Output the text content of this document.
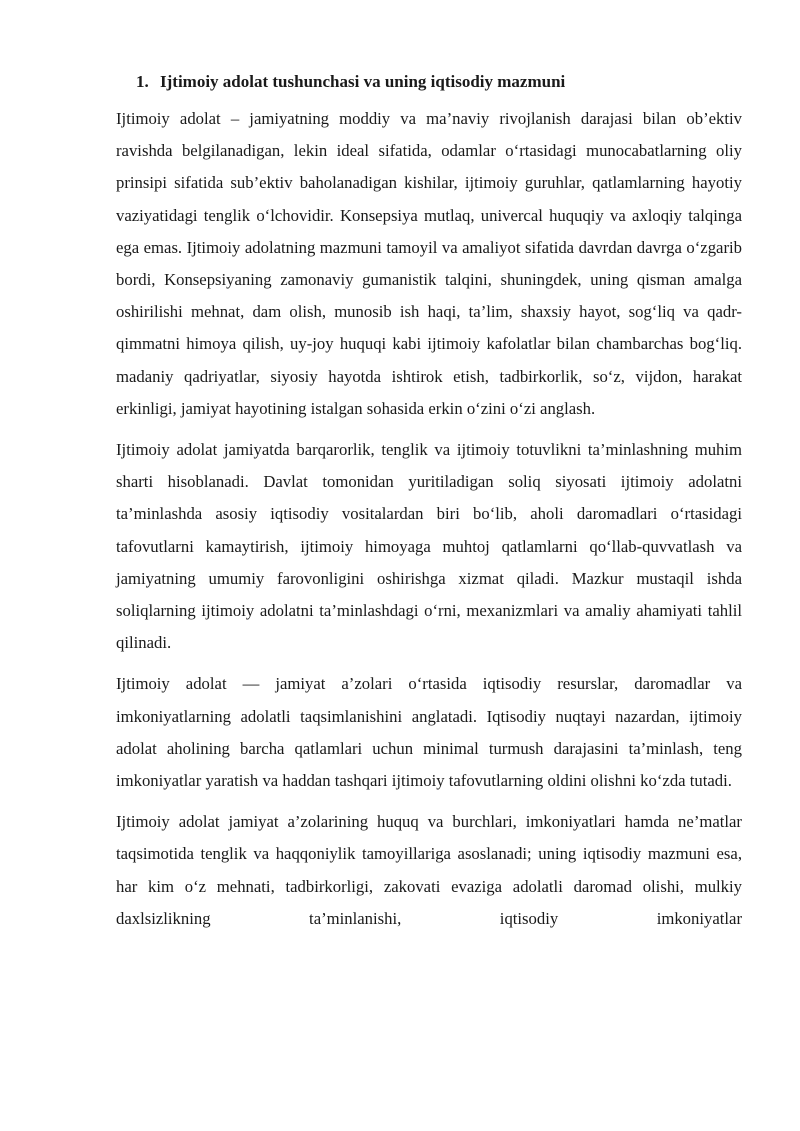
1. Ijtimoiy adolat tushunchasi va uning iqtisodiy mazmuni

Ijtimoiy adolat – jamiyatning moddiy va ma’naviy rivojlanish darajasi bilan ob’ektiv ravishda belgilanadigan, lekin ideal sifatida, odamlar o‘rtasidagi munocabatlarning oliy prinsipi sifatida sub’ektiv baholanadigan kishilar, ijtimoiy guruhlar, qatlamlarning hayotiy vaziyatidagi tenglik o‘lchovidir. Konsepsiya mutlaq, univercal huquqiy va axloqiy talqinga ega emas. Ijtimoiy adolatning mazmuni tamoyil va amaliyot sifatida davrdan davrga o‘zgarib bordi, Konsepsiyaning zamonaviy gumanistik talqini, shuningdek, uning qisman amalga oshirilishi mehnat, dam olish, munosib ish haqi, ta’lim, shaxsiy hayot, sog‘liq va qadr-qimmatni himoya qilish, uy-joy huquqi kabi ijtimoiy kafolatlar bilan chambarchas bog‘liq. madaniy qadriyatlar, siyosiy hayotda ishtirok etish, tadbirkorlik, so‘z, vijdon, harakat erkinligi, jamiyat hayotining istalgan sohasida erkin o‘zini o‘zi anglash.

Ijtimoiy adolat jamiyatda barqarorlik, tenglik va ijtimoiy totuvlikni ta’minlashning muhim sharti hisoblanadi. Davlat tomonidan yuritiladigan soliq siyosati ijtimoiy adolatni ta’minlashda asosiy iqtisodiy vositalardan biri bo‘lib, aholi daromadlari o‘rtasidagi tafovutlarni kamaytirish, ijtimoiy himoyaga muhtoj qatlamlarni qo‘llab-quvvatlash va jamiyatning umumiy farovonligini oshirishga xizmat qiladi. Mazkur mustaqil ishda soliqlarning ijtimoiy adolatni ta’minlashdagi o‘rni, mexanizmlari va amaliy ahamiyati tahlil qilinadi.

Ijtimoiy adolat — jamiyat a’zolari o‘rtasida iqtisodiy resurslar, daromadlar va imkoniyatlarning adolatli taqsimlanishini anglatadi. Iqtisodiy nuqtayi nazardan, ijtimoiy adolat aholining barcha qatlamlari uchun minimal turmush darajasini ta’minlash, teng imkoniyatlar yaratish va haddan tashqari ijtimoiy tafovutlarning oldini olishni ko‘zda tutadi.

Ijtimoiy adolat jamiyat a’zolarining huquq va burchlari, imkoniyatlari hamda ne’matlar taqsimotida tenglik va haqqoniylik tamoyillariga asoslanadi; uning iqtisodiy mazmuni esa, har kim o‘z mehnati, tadbirkorligi, zakovati evaziga adolatli daromad olishi, mulkiy daxlsizlikning ta’minlanishi, iqtisodiy imkoniyatlar
